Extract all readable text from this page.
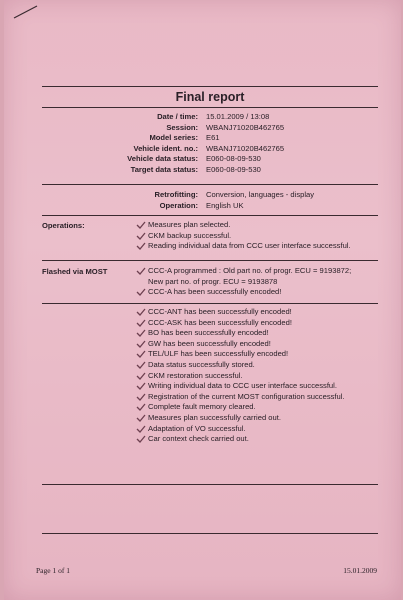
Final report
Date / time: 15.01.2009 / 13:08
Session: WBANJ71020B462765
Model series: E61
Vehicle ident. no.: WBANJ71020B462765
Vehicle data status: E060-08-09-530
Target data status: E060-08-09-530
Retrofitting: Conversion, languages - display
Operation: English UK
Operations:	Measures plan selected.
CKM backup successful.
Reading individual data from CCC user interface successful.
Flashed via MOST	CCC-A programmed : Old part no. of progr. ECU = 9193872;
New part no. of progr. ECU = 9193878
CCC-A has been successfully encoded!
CCC-ANT has been successfully encoded!
CCC-ASK has been successfully encoded!
BO has been successfully encoded!
GW has been successfully encoded!
TEL/ULF has been successfully encoded!
Data status successfully stored.
CKM restoration successful.
Writing individual data to CCC user interface successful.
Registration of the current MOST configuration successful.
Complete fault memory cleared.
Measures plan successfully carried out.
Adaptation of VO successful.
Car context check carried out.
Page 1 of 1	15.01.2009
